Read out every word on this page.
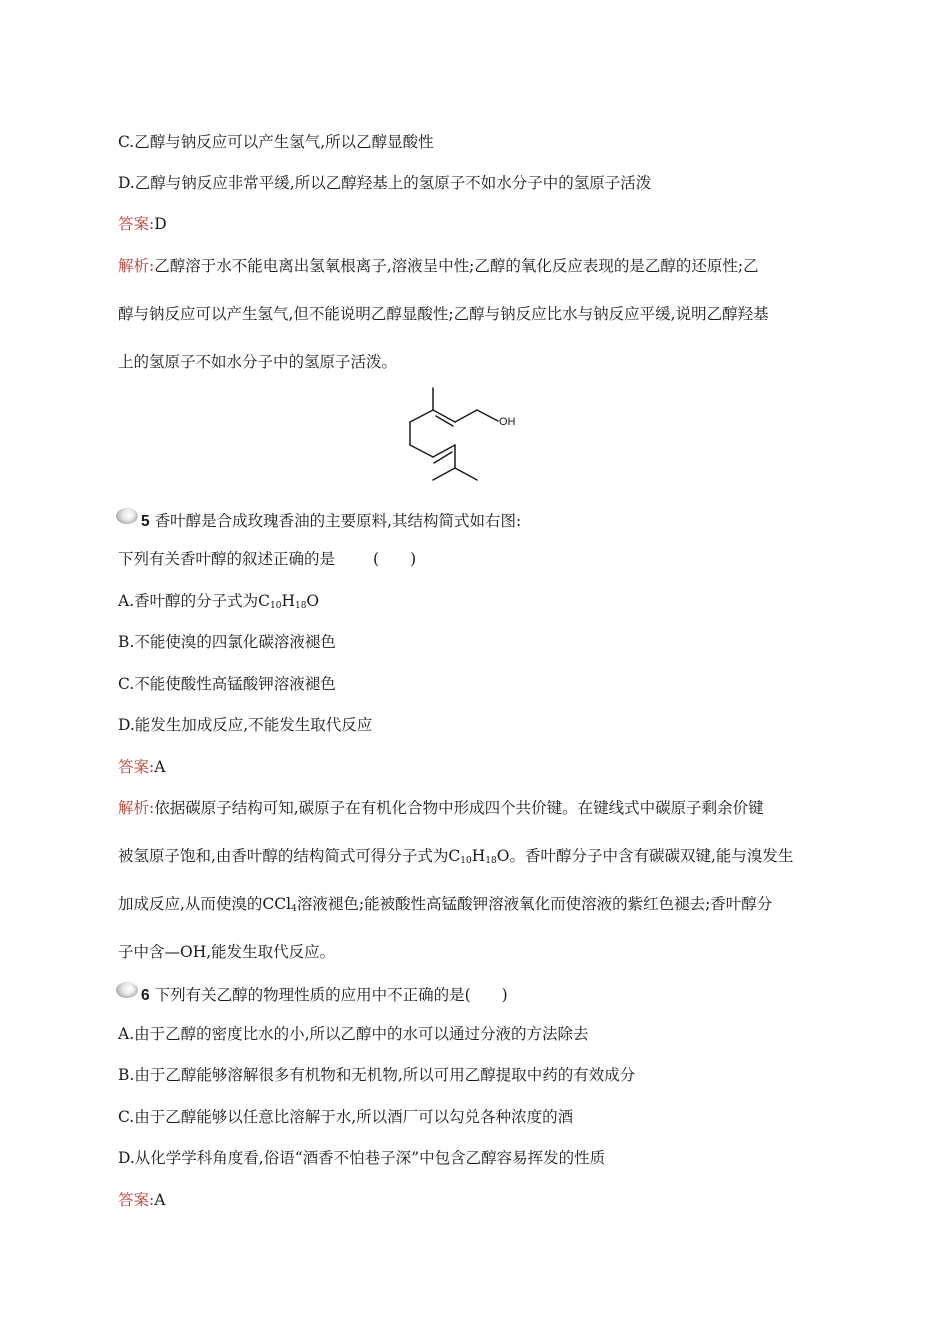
C.乙醇与钠反应可以产生氢气,所以乙醇显酸性
D.乙醇与钠反应非常平缓,所以乙醇羟基上的氢原子不如水分子中的氢原子活泼
答案:D
解析:乙醇溶于水不能电离出氢氧根离子,溶液呈中性;乙醇的氧化反应表现的是乙醇的还原性;乙
醇与钠反应可以产生氢气,但不能说明乙醇显酸性;乙醇与钠反应比水与钠反应平缓,说明乙醇羟基
上的氢原子不如水分子中的氢原子活泼。
OH
5 香叶醇是合成玫瑰香油的主要原料,其结构简式如右图:
下列有关香叶醇的叙述正确的是 (　　)
A.香叶醇的分子式为$C_{10}H_{18}O$
B.不能使溴的四氯化碳溶液褪色
C.不能使酸性高锰酸钾溶液褪色
D.能发生加成反应,不能发生取代反应
答案:A
解析:依据碳原子结构可知,碳原子在有机化合物中形成四个共价键。在键线式中碳原子剩余价键
被氢原子饱和,由香叶醇的结构简式可得分子式为$C_{10}H_{18}O$。香叶醇分子中含有碳碳双键,能与溴发生
加成反应,从而使溴的CCl$_4$溶液褪色;能被酸性高锰酸钾溶液氧化而使溶液的紫红色褪去;香叶醇分
子中含—OH,能发生取代反应。
6 下列有关乙醇的物理性质的应用中不正确的是(　　)
A.由于乙醇的密度比水的小,所以乙醇中的水可以通过分液的方法除去
B.由于乙醇能够溶解很多有机物和无机物,所以可用乙醇提取中药的有效成分
C.由于乙醇能够以任意比溶解于水,所以酒厂可以勾兑各种浓度的酒
D.从化学学科角度看,俗语“酒香不怕巷子深”中包含乙醇容易挥发的性质
答案:A
